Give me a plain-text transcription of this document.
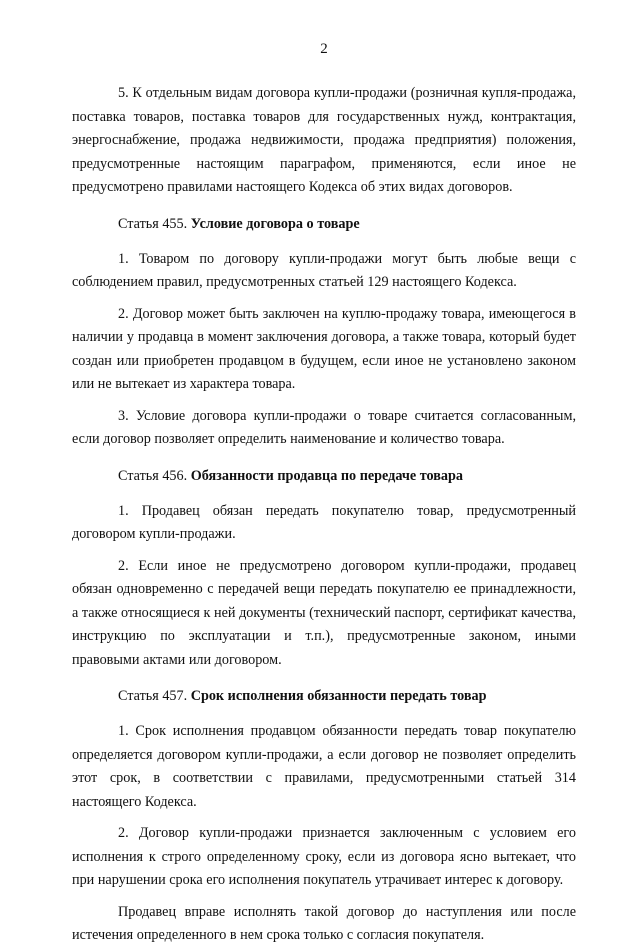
2

5. К отдельным видам договора купли-продажи (розничная купля-продажа, поставка товаров, поставка товаров для государственных нужд, контрактация, энергоснабжение, продажа недвижимости, продажа предприятия) положения, предусмотренные настоящим параграфом, применяются, если иное не предусмотрено правилами настоящего Кодекса об этих видах договоров.

Статья 455. Условие договора о товаре

1. Товаром по договору купли-продажи могут быть любые вещи с соблюдением правил, предусмотренных статьей 129 настоящего Кодекса.

2. Договор может быть заключен на куплю-продажу товара, имеющегося в наличии у продавца в момент заключения договора, а также товара, который будет создан или приобретен продавцом в будущем, если иное не установлено законом или не вытекает из характера товара.

3. Условие договора купли-продажи о товаре считается согласованным, если договор позволяет определить наименование и количество товара.

Статья 456. Обязанности продавца по передаче товара

1. Продавец обязан передать покупателю товар, предусмотренный договором купли-продажи.

2. Если иное не предусмотрено договором купли-продажи, продавец обязан одновременно с передачей вещи передать покупателю ее принадлежности, а также относящиеся к ней документы (технический паспорт, сертификат качества, инструкцию по эксплуатации и т.п.), предусмотренные законом, иными правовыми актами или договором.

Статья 457. Срок исполнения обязанности передать товар

1. Срок исполнения продавцом обязанности передать товар покупателю определяется договором купли-продажи, а если договор не позволяет определить этот срок, в соответствии с правилами, предусмотренными статьей 314 настоящего Кодекса.

2. Договор купли-продажи признается заключенным с условием его исполнения к строго определенному сроку, если из договора ясно вытекает, что при нарушении срока его исполнения покупатель утрачивает интерес к договору.

Продавец вправе исполнять такой договор до наступления или после истечения определенного в нем срока только с согласия покупателя.
